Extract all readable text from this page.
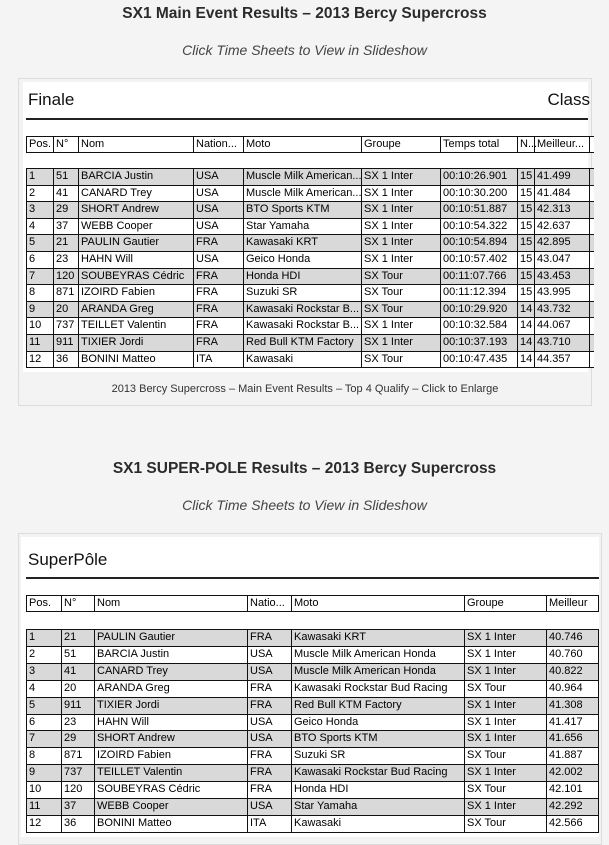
SX1 Main Event Results – 2013 Bercy Supercross
Click Time Sheets to View in Slideshow
Finale	Class
Pos.	N°	Nom	Nation...	Moto	Groupe	Temps total	N...	Meilleur...	
1	51	BARCIA Justin	USA	Muscle Milk American...	SX 1 Inter	00:10:26.901	15	41.499	
2	41	CANARD Trey	USA	Muscle Milk American...	SX 1 Inter	00:10:30.200	15	41.484	
3	29	SHORT Andrew	USA	BTO Sports KTM	SX 1 Inter	00:10:51.887	15	42.313	
4	37	WEBB Cooper	USA	Star Yamaha	SX 1 Inter	00:10:54.322	15	42.637	
5	21	PAULIN Gautier	FRA	Kawasaki KRT	SX 1 Inter	00:10:54.894	15	42.895	
6	23	HAHN Will	USA	Geico Honda	SX 1 Inter	00:10:57.402	15	43.047	
7	120	SOUBEYRAS Cédric	FRA	Honda HDI	SX Tour	00:11:07.766	15	43.453	
8	871	IZOIRD Fabien	FRA	Suzuki SR	SX Tour	00:11:12.394	15	43.995	
9	20	ARANDA Greg	FRA	Kawasaki Rockstar B...	SX Tour	00:10:29.920	14	43.732	
10	737	TEILLET Valentin	FRA	Kawasaki Rockstar B...	SX 1 Inter	00:10:32.584	14	44.067	
11	911	TIXIER Jordi	FRA	Red Bull KTM Factory	SX 1 Inter	00:10:37.193	14	43.710	
12	36	BONINI Matteo	ITA	Kawasaki	SX Tour	00:10:47.435	14	44.357	
2013 Bercy Supercross – Main Event Results – Top 4 Qualify – Click to Enlarge
SX1 SUPER-POLE Results – 2013 Bercy Supercross
Click Time Sheets to View in Slideshow
SuperPôle
Pos.	N°	Nom	Natio...	Moto	Groupe	Meilleur
1	21	PAULIN Gautier	FRA	Kawasaki KRT	SX 1 Inter	40.746
2	51	BARCIA Justin	USA	Muscle Milk American Honda	SX 1 Inter	40.760
3	41	CANARD Trey	USA	Muscle Milk American Honda	SX 1 Inter	40.822
4	20	ARANDA Greg	FRA	Kawasaki Rockstar Bud Racing	SX Tour	40.964
5	911	TIXIER Jordi	FRA	Red Bull KTM Factory	SX 1 Inter	41.308
6	23	HAHN Will	USA	Geico Honda	SX 1 Inter	41.417
7	29	SHORT Andrew	USA	BTO Sports KTM	SX 1 Inter	41.656
8	871	IZOIRD Fabien	FRA	Suzuki SR	SX Tour	41.887
9	737	TEILLET Valentin	FRA	Kawasaki Rockstar Bud Racing	SX 1 Inter	42.002
10	120	SOUBEYRAS Cédric	FRA	Honda HDI	SX Tour	42.101
11	37	WEBB Cooper	USA	Star Yamaha	SX 1 Inter	42.292
12	36	BONINI Matteo	ITA	Kawasaki	SX Tour	42.566
